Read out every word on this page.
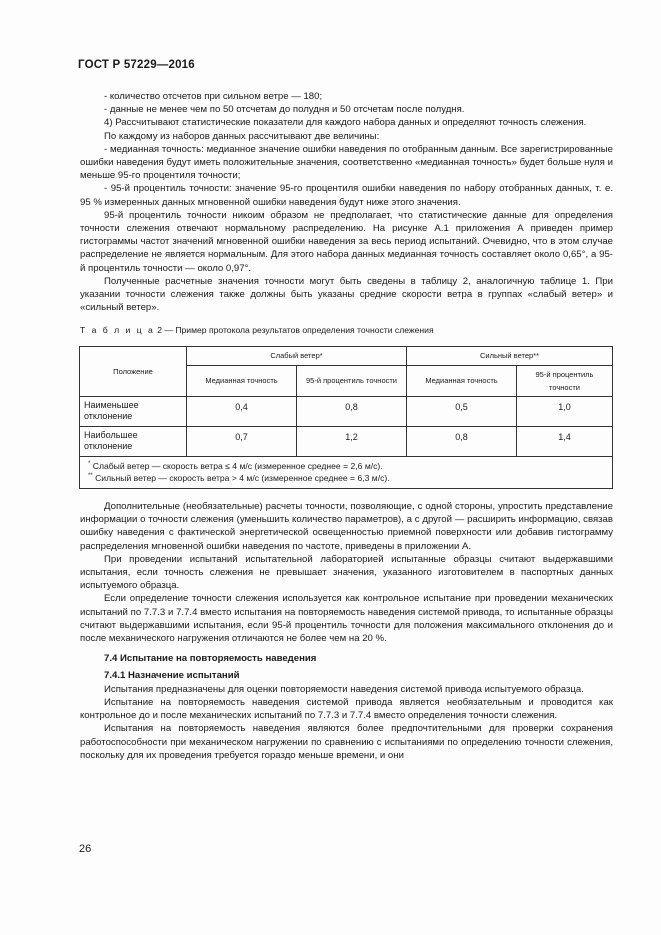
ГОСТ Р 57229—2016

- количество отсчетов при сильном ветре — 180;

- данные не менее чем по 50 отсчетам до полудня и 50 отсчетам после полудня.

4) Рассчитывают статистические показатели для каждого набора данных и определяют точность слежения.

По каждому из наборов данных рассчитывают две величины:

- медианная точность: медианное значение ошибки наведения по отобранным данным. Все зарегистрированные ошибки наведения будут иметь положительные значения, соответственно «медианная точность» будет больше нуля и меньше 95-го процентиля точности;

- 95-й процентиль точности: значение 95-го процентиля ошибки наведения по набору отобранных данных, т. е. 95 % измеренных данных мгновенной ошибки наведения будут ниже этого значения.

95-й процентиль точности никоим образом не предполагает, что статистические данные для определения точности слежения отвечают нормальному распределению. На рисунке А.1 приложения А приведен пример гистограммы частот значений мгновенной ошибки наведения за весь период испытаний. Очевидно, что в этом случае распределение не является нормальным. Для этого набора данных медианная точность составляет около 0,65°, а 95-й процентиль точности — около 0,97°.

Полученные расчетные значения точности могут быть сведены в таблицу 2, аналогичную таблице 1. При указании точности слежения также должны быть указаны средние скорости ветра в группах «слабый ветер» и «сильный ветер».

Т а б л и ц а 2 — Пример протокола результатов определения точности слежения

Положение	Слабый ветер*		Сильный ветер**	
	Медианная точность	95-й процентиль точности	Медианная точность	95-й процентиль точности
Наименьшее отклонение	0,4	0,8	0,5	1,0
Наибольшее отклонение	0,7	1,2	0,8	1,4

* Слабый ветер — скорость ветра ≤ 4 м/с (измеренное среднее = 2,6 м/с).
** Сильный ветер — скорость ветра > 4 м/с (измеренное среднее = 6,3 м/с).				

Дополнительные (необязательные) расчеты точности, позволяющие, с одной стороны, упростить представление информации о точности слежения (уменьшить количество параметров), а с другой — расширить информацию, связав ошибку наведения с фактической энергетической освещенностью приемной поверхности или добавив гистограмму распределения мгновенной ошибки наведения по частоте, приведены в приложении А.

При проведении испытаний испытательной лабораторией испытанные образцы считают выдержавшими испытания, если точность слежения не превышает значения, указанного изготовителем в паспортных данных испытуемого образца.

Если определение точности слежения используется как контрольное испытание при проведении механических испытаний по 7.7.3 и 7.7.4 вместо испытания на повторяемость наведения системой привода, то испытанные образцы считают выдержавшими испытания, если 95-й процентиль точности для положения максимального отклонения до и после механического нагружения отличаются не более чем на 20 %.

7.4 Испытание на повторяемость наведения

7.4.1 Назначение испытаний

Испытания предназначены для оценки повторяемости наведения системой привода испытуемого образца.

Испытание на повторяемость наведения системой привода является необязательным и проводится как контрольное до и после механических испытаний по 7.7.3 и 7.7.4 вместо определения точности слежения.

Испытания на повторяемость наведения являются более предпочтительными для проверки сохранения работоспособности при механическом нагружении по сравнению с испытаниями по определению точности слежения, поскольку для их проведения требуется гораздо меньше времени, и они

26
